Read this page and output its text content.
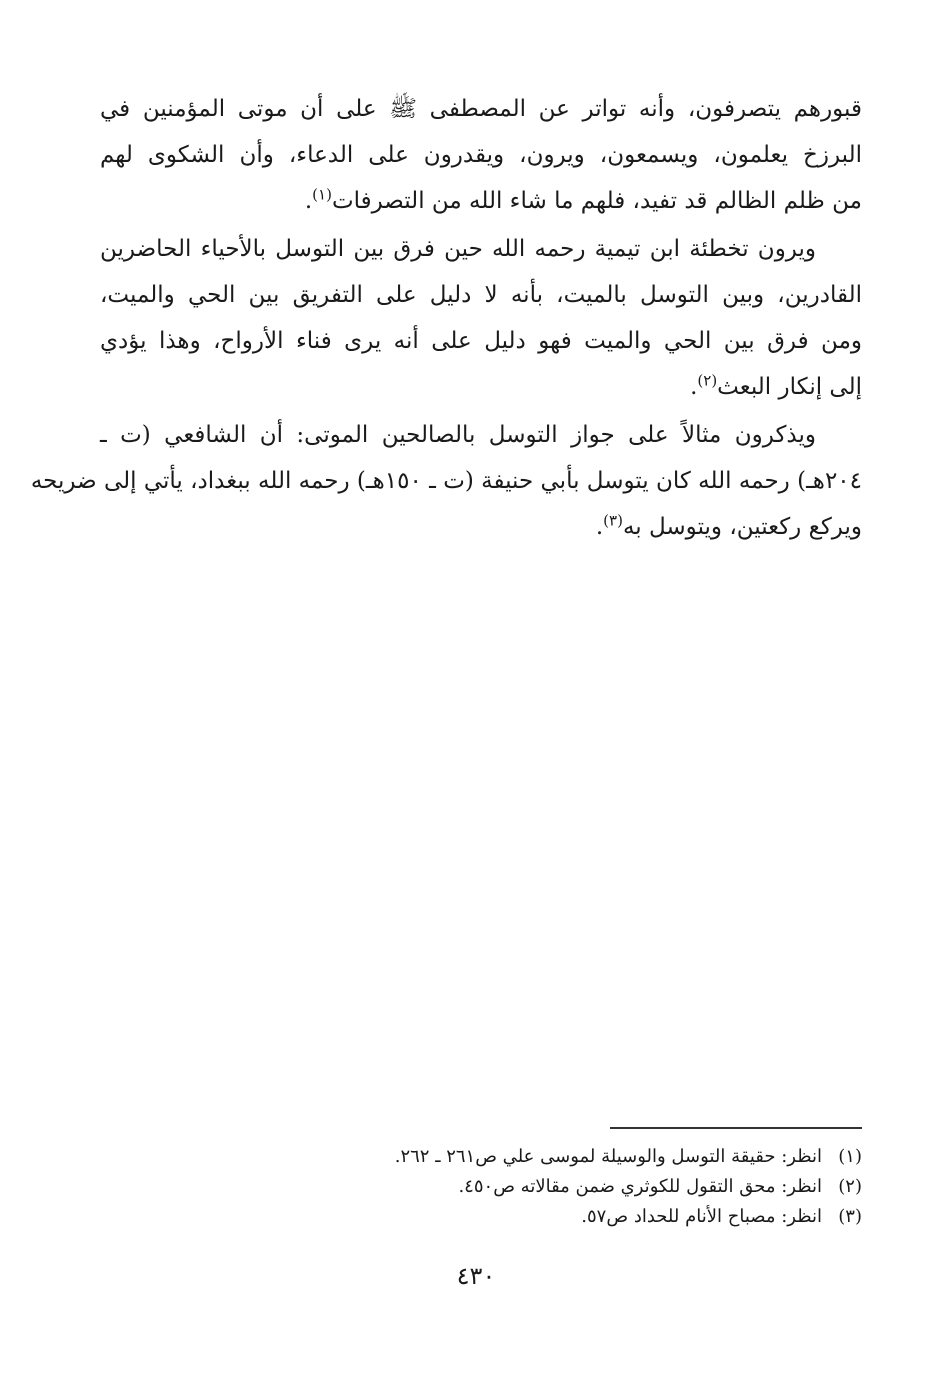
قبورهم يتصرفون، وأنه تواتر عن المصطفى ﷺ على أن موتى المؤمنين في
البرزخ يعلمون، ويسمعون، ويرون، ويقدرون على الدعاء، وأن الشكوى لهم
من ظلم الظالم قد تفيد، فلهم ما شاء الله من التصرفات$^{(١)}$.
ويرون تخطئة ابن تيمية رحمه الله حين فرق بين التوسل بالأحياء الحاضرين
القادرين، وبين التوسل بالميت، بأنه لا دليل على التفريق بين الحي والميت،
ومن فرق بين الحي والميت فهو دليل على أنه يرى فناء الأرواح، وهذا يؤدي
إلى إنكار البعث$^{(٢)}$.
ويذكرون مثالاً على جواز التوسل بالصالحين الموتى: أن الشافعي (ت ـ
٢٠٤هـ) رحمه الله كان يتوسل بأبي حنيفة (ت ـ ١٥٠هـ) رحمه الله ببغداد، يأتي إلى ضريحه
ويركع ركعتين، ويتوسل به$^{(٣)}$.
(١)انظر: حقيقة التوسل والوسيلة لموسى علي ص٢٦١ ـ ٢٦٢.
(٢)انظر: محق التقول للكوثري ضمن مقالاته ص٤٥٠.
(٣)انظر: مصباح الأنام للحداد ص٥٧.
٤٣٠
